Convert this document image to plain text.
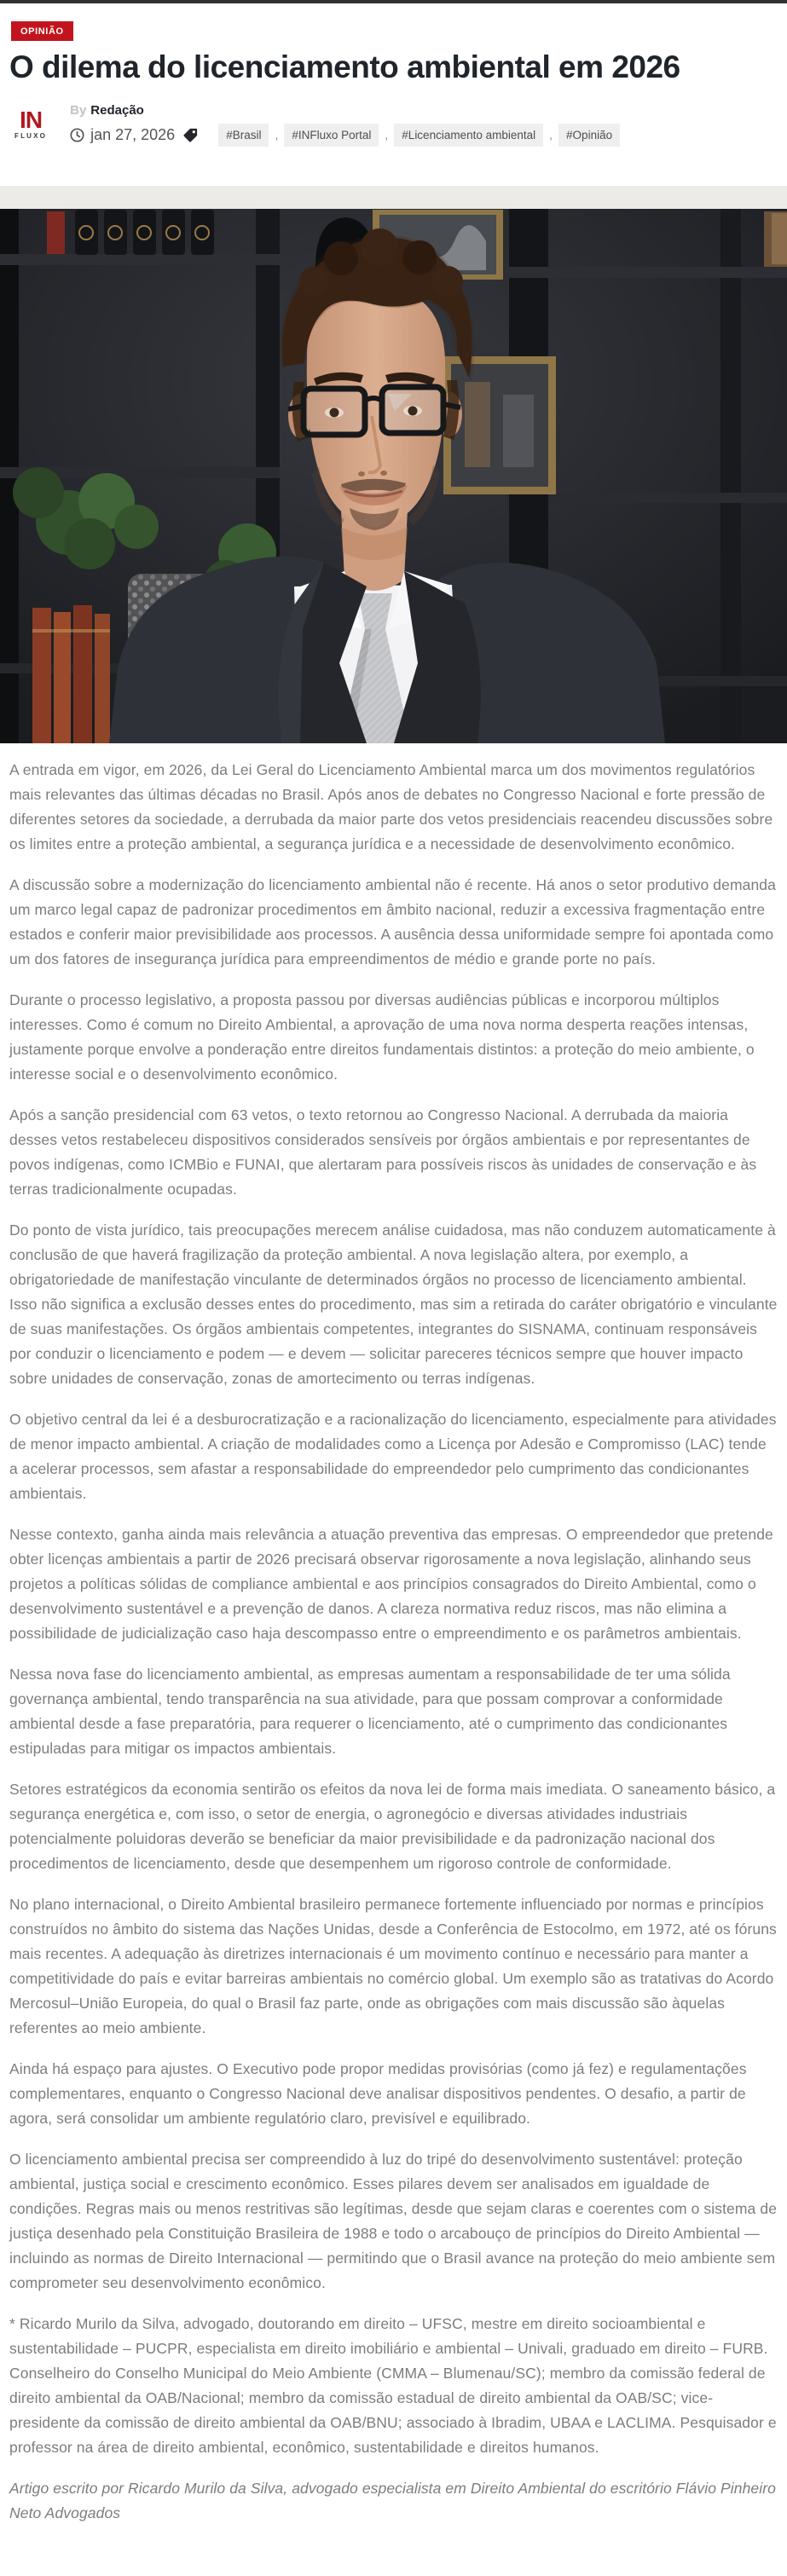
OPINIÃO
O dilema do licenciamento ambiental em 2026
IN
FLUXO
By Redação
jan 27, 2026	#Brasil	,	#INFluxo Portal	,	#Licenciamento ambiental	,	#Opinião

A entrada em vigor, em 2026, da Lei Geral do Licenciamento Ambiental marca um dos movimentos regulatórios mais relevantes das últimas décadas no Brasil. Após anos de debates no Congresso Nacional e forte pressão de diferentes setores da sociedade, a derrubada da maior parte dos vetos presidenciais reacendeu discussões sobre os limites entre a proteção ambiental, a segurança jurídica e a necessidade de desenvolvimento econômico.

A discussão sobre a modernização do licenciamento ambiental não é recente. Há anos o setor produtivo demanda um marco legal capaz de padronizar procedimentos em âmbito nacional, reduzir a excessiva fragmentação entre estados e conferir maior previsibilidade aos processos. A ausência dessa uniformidade sempre foi apontada como um dos fatores de insegurança jurídica para empreendimentos de médio e grande porte no país.

Durante o processo legislativo, a proposta passou por diversas audiências públicas e incorporou múltiplos interesses. Como é comum no Direito Ambiental, a aprovação de uma nova norma desperta reações intensas, justamente porque envolve a ponderação entre direitos fundamentais distintos: a proteção do meio ambiente, o interesse social e o desenvolvimento econômico.

Após a sanção presidencial com 63 vetos, o texto retornou ao Congresso Nacional. A derrubada da maioria desses vetos restabeleceu dispositivos considerados sensíveis por órgãos ambientais e por representantes de povos indígenas, como ICMBio e FUNAI, que alertaram para possíveis riscos às unidades de conservação e às terras tradicionalmente ocupadas.

Do ponto de vista jurídico, tais preocupações merecem análise cuidadosa, mas não conduzem automaticamente à conclusão de que haverá fragilização da proteção ambiental. A nova legislação altera, por exemplo, a obrigatoriedade de manifestação vinculante de determinados órgãos no processo de licenciamento ambiental. Isso não significa a exclusão desses entes do procedimento, mas sim a retirada do caráter obrigatório e vinculante de suas manifestações. Os órgãos ambientais competentes, integrantes do SISNAMA, continuam responsáveis por conduzir o licenciamento e podem — e devem — solicitar pareceres técnicos sempre que houver impacto sobre unidades de conservação, zonas de amortecimento ou terras indígenas.

O objetivo central da lei é a desburocratização e a racionalização do licenciamento, especialmente para atividades de menor impacto ambiental. A criação de modalidades como a Licença por Adesão e Compromisso (LAC) tende a acelerar processos, sem afastar a responsabilidade do empreendedor pelo cumprimento das condicionantes ambientais.

Nesse contexto, ganha ainda mais relevância a atuação preventiva das empresas. O empreendedor que pretende obter licenças ambientais a partir de 2026 precisará observar rigorosamente a nova legislação, alinhando seus projetos a políticas sólidas de compliance ambiental e aos princípios consagrados do Direito Ambiental, como o desenvolvimento sustentável e a prevenção de danos. A clareza normativa reduz riscos, mas não elimina a possibilidade de judicialização caso haja descompasso entre o empreendimento e os parâmetros ambientais.

Nessa nova fase do licenciamento ambiental, as empresas aumentam a responsabilidade de ter uma sólida governança ambiental, tendo transparência na sua atividade, para que possam comprovar a conformidade ambiental desde a fase preparatória, para requerer o licenciamento, até o cumprimento das condicionantes estipuladas para mitigar os impactos ambientais.

Setores estratégicos da economia sentirão os efeitos da nova lei de forma mais imediata. O saneamento básico, a segurança energética e, com isso, o setor de energia, o agronegócio e diversas atividades industriais potencialmente poluidoras deverão se beneficiar da maior previsibilidade e da padronização nacional dos procedimentos de licenciamento, desde que desempenhem um rigoroso controle de conformidade.

No plano internacional, o Direito Ambiental brasileiro permanece fortemente influenciado por normas e princípios construídos no âmbito do sistema das Nações Unidas, desde a Conferência de Estocolmo, em 1972, até os fóruns mais recentes. A adequação às diretrizes internacionais é um movimento contínuo e necessário para manter a competitividade do país e evitar barreiras ambientais no comércio global. Um exemplo são as tratativas do Acordo Mercosul–União Europeia, do qual o Brasil faz parte, onde as obrigações com mais discussão são àquelas referentes ao meio ambiente.

Ainda há espaço para ajustes. O Executivo pode propor medidas provisórias (como já fez) e regulamentações complementares, enquanto o Congresso Nacional deve analisar dispositivos pendentes. O desafio, a partir de agora, será consolidar um ambiente regulatório claro, previsível e equilibrado.

O licenciamento ambiental precisa ser compreendido à luz do tripé do desenvolvimento sustentável: proteção ambiental, justiça social e crescimento econômico. Esses pilares devem ser analisados em igualdade de condições. Regras mais ou menos restritivas são legítimas, desde que sejam claras e coerentes com o sistema de justiça desenhado pela Constituição Brasileira de 1988 e todo o arcabouço de princípios do Direito Ambiental — incluindo as normas de Direito Internacional — permitindo que o Brasil avance na proteção do meio ambiente sem comprometer seu desenvolvimento econômico.

* Ricardo Murilo da Silva, advogado, doutorando em direito – UFSC, mestre em direito socioambiental e sustentabilidade – PUCPR, especialista em direito imobiliário e ambiental – Univali, graduado em direito – FURB. Conselheiro do Conselho Municipal do Meio Ambiente (CMMA – Blumenau/SC); membro da comissão federal de direito ambiental da OAB/Nacional; membro da comissão estadual de direito ambiental da OAB/SC; vice-presidente da comissão de direito ambiental da OAB/BNU; associado à Ibradim, UBAA e LACLIMA. Pesquisador e professor na área de direito ambiental, econômico, sustentabilidade e direitos humanos.

Artigo escrito por Ricardo Murilo da Silva, advogado especialista em Direito Ambiental do escritório Flávio Pinheiro Neto Advogados
